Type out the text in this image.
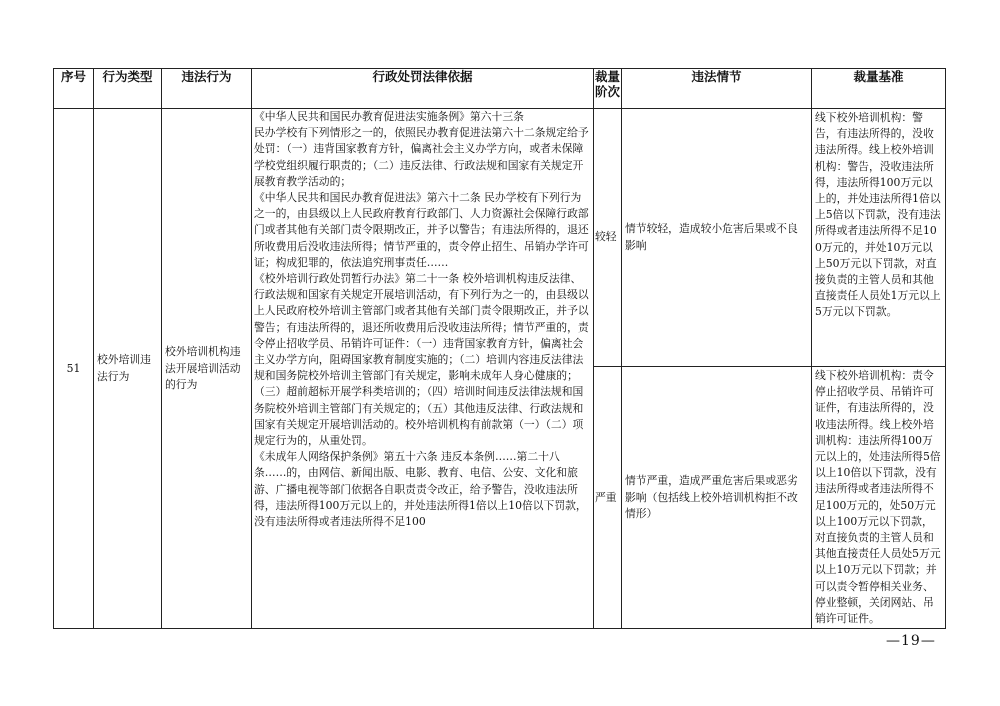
序号	行为类型	违法行为	行政处罚法律依据	裁量阶次	违法情节	裁量基准

51	校外培训违法行为	校外培训机构违法开展培训活动的行为	《中华人民共和国民办教育促进法实施条例》第六十三条
民办学校有下列情形之一的，依照民办教育促进法第六十二条规定给予处罚：（一）违背国家教育方针，偏离社会主义办学方向，或者未保障学校党组织履行职责的；（二）违反法律、行政法规和国家有关规定开展教育教学活动的；
《中华人民共和国民办教育促进法》第六十二条 民办学校有下列行为之一的，由县级以上人民政府教育行政部门、人力资源社会保障行政部门或者其他有关部门责令限期改正，并予以警告；有违法所得的，退还所收费用后没收违法所得；情节严重的，责令停止招生、吊销办学许可证；构成犯罪的，依法追究刑事责任……
《校外培训行政处罚暂行办法》第二十一条 校外培训机构违反法律、行政法规和国家有关规定开展培训活动，有下列行为之一的，由县级以上人民政府校外培训主管部门或者其他有关部门责令限期改正，并予以警告；有违法所得的，退还所收费用后没收违法所得；情节严重的，责令停止招收学员、吊销许可证件：（一）违背国家教育方针，偏离社会主义办学方向，阻碍国家教育制度实施的；（二）培训内容违反法律法规和国务院校外培训主管部门有关规定，影响未成年人身心健康的；（三）超前超标开展学科类培训的；（四）培训时间违反法律法规和国务院校外培训主管部门有关规定的；（五）其他违反法律、行政法规和国家有关规定开展培训活动的。校外培训机构有前款第（一）（二）项规定行为的，从重处罚。
《未成年人网络保护条例》第五十六条 违反本条例……第二十八条……的，由网信、新闻出版、电影、教育、电信、公安、文化和旅游、广播电视等部门依据各自职责责令改正，给予警告，没收违法所得，违法所得100万元以上的，并处违法所得1倍以上10倍以下罚款，没有违法所得或者违法所得不足100	较轻	情节较轻，造成较小危害后果或不良影响	线下校外培训机构：警告，有违法所得的，没收违法所得。线上校外培训机构：警告，没收违法所得，违法所得100万元以上的，并处违法所得1倍以上5倍以下罚款，没有违法所得或者违法所得不足100万元的，并处10万元以上50万元以下罚款，对直接负责的主管人员和其他直接责任人员处1万元以上5万元以下罚款。

				严重	情节严重，造成严重危害后果或恶劣影响（包括线上校外培训机构拒不改情形）	线下校外培训机构：责令停止招收学员、吊销许可证件，有违法所得的，没收违法所得。线上校外培训机构：违法所得100万元以上的，处违法所得5倍以上10倍以下罚款，没有违法所得或者违法所得不足100万元的，处50万元以上100万元以下罚款，对直接负责的主管人员和其他直接责任人员处5万元以上10万元以下罚款；并可以责令暂停相关业务、停业整顿，关闭网站、吊销许可证件。
—19—
